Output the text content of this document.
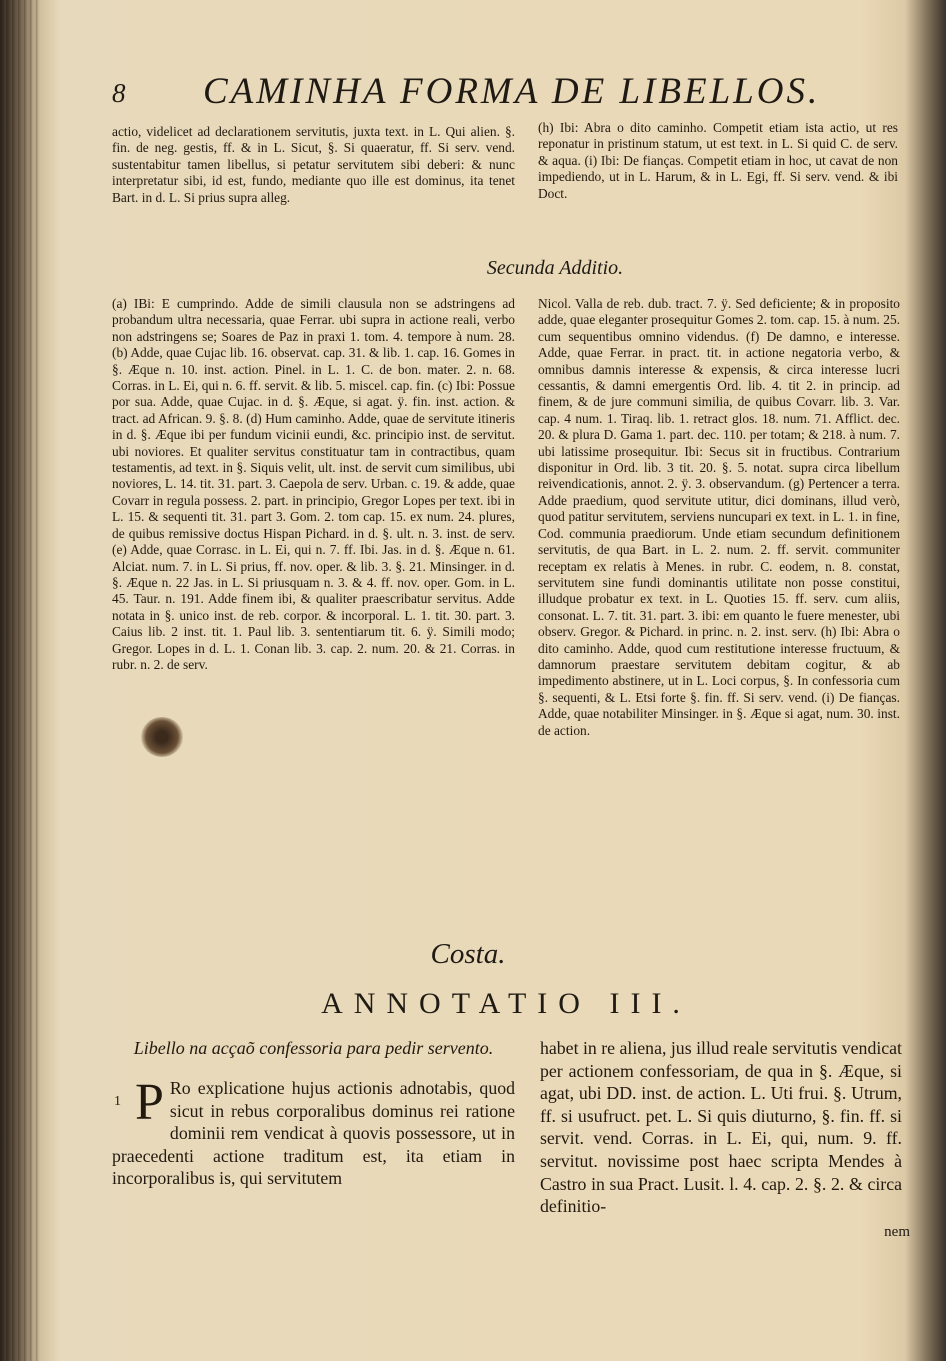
8 CAMINHA FORMA DE LIBELLOS.

actio, videlicet ad declarationem servitutis, juxta text. in L. Qui alien. §. fin. de neg. gestis, ff. & in L. Sicut, §. Si quaeratur, ff. Si serv. vend. sustentabitur tamen libellus, si petatur servitutem sibi deberi: & nunc interpretatur sibi, id est, fundo, mediante quo ille est dominus, ita tenet Bart. in d. L. Si prius supra alleg.

(h) Ibi: Abra o dito caminho. Competit etiam ista actio, ut res reponatur in pristinum statum, ut est text. in L. Si quid C. de serv. & aqua. (i) Ibi: De fianças. Competit etiam in hoc, ut cavat de non impediendo, ut in L. Harum, & in L. Egi, ff. Si serv. vend. & ibi Doct.

Secunda Additio.

(a) IBi: E cumprindo. Adde de simili clausula non se adstringens ad probandum ultra necessaria, quae Ferrar. ubi supra in actione reali, verbo non adstringens se; Soares de Paz in praxi 1. tom. 4. tempore à num. 28. (b) Adde, quae Cujac lib. 16. observat. cap. 31. & lib. 1. cap. 16. Gomes in §. Æque n. 10. inst. action. Pinel. in L. 1. C. de bon. mater. 2. n. 68. Corras. in L. Ei, qui n. 6. ff. servit. & lib. 5. miscel. cap. fin. (c) Ibi: Possue por sua. Adde, quae Cujac. in d. §. Æque, si agat. ÿ. fin. inst. action. & tract. ad African. 9. §. 8. (d) Hum caminho. Adde, quae de servitute itineris in d. §. Æque ibi per fundum vicinii eundi, &c. principio inst. de servitut. ubi noviores. Et qualiter servitus constituatur tam in contractibus, quam testamentis, ad text. in §. Siquis velit, ult. inst. de servit cum similibus, ubi noviores, L. 14. tit. 31. part. 3. Caepola de serv. Urban. c. 19. & adde, quae Covarr in regula possess. 2. part. in principio, Gregor Lopes per text. ibi in L. 15. & sequenti tit. 31. part 3. Gom. 2. tom cap. 15. ex num. 24. plures, de quibus remissive doctus Hispan Pichard. in d. §. ult. n. 3. inst. de serv. (e) Adde, quae Corrasc. in L. Ei, qui n. 7. ff. Ibi. Jas. in d. §. Æque n. 61. Alciat. num. 7. in L. Si prius, ff. nov. oper. & lib. 3. §. 21. Minsinger. in d. §. Æque n. 22 Jas. in L. Si priusquam n. 3. & 4. ff. nov. oper. Gom. in L. 45. Taur. n. 191. Adde finem ibi, & qualiter praescribatur servitus. Adde notata in §. unico inst. de reb. corpor. & incorporal. L. 1. tit. 30. part. 3. Caius lib. 2 inst. tit. 1. Paul lib. 3. sententiarum tit. 6. ÿ. Simili modo; Gregor. Lopes in d. L. 1. Conan lib. 3. cap. 2. num. 20. & 21. Corras. in rubr. n. 2. de serv.

Nicol. Valla de reb. dub. tract. 7. ÿ. Sed deficiente; & in proposito adde, quae eleganter prosequitur Gomes 2. tom. cap. 15. à num. 25. cum sequentibus omnino videndus. (f) De damno, e interesse. Adde, quae Ferrar. in pract. tit. in actione negatoria verbo, & omnibus damnis interesse & expensis, & circa interesse lucri cessantis, & damni emergentis Ord. lib. 4. tit 2. in princip. ad finem, & de jure communi similia, de quibus Covarr. lib. 3. Var. cap. 4 num. 1. Tiraq. lib. 1. retract glos. 18. num. 71. Afflict. dec. 20. & plura D. Gama 1. part. dec. 110. per totam; & 218. à num. 7. ubi latissime prosequitur. Ibi: Secus sit in fructibus. Contrarium disponitur in Ord. lib. 3 tit. 20. §. 5. notat. supra circa libellum reivendicationis, annot. 2. ÿ. 3. observandum. (g) Pertencer a terra. Adde praedium, quod servitute utitur, dici dominans, illud verò, quod patitur servitutem, serviens nuncupari ex text. in L. 1. in fine, Cod. communia praediorum. Unde etiam secundum definitionem servitutis, de qua Bart. in L. 2. num. 2. ff. servit. communiter receptam ex relatis à Menes. in rubr. C. eodem, n. 8. constat, servitutem sine fundi dominantis utilitate non posse constitui, illudque probatur ex text. in L. Quoties 15. ff. serv. cum aliis, consonat. L. 7. tit. 31. part. 3. ibi: em quanto le fuere menester, ubi observ. Gregor. & Pichard. in princ. n. 2. inst. serv. (h) Ibi: Abra o dito caminho. Adde, quod cum restitutione interesse fructuum, & damnorum praestare servitutem debitam cogitur, & ab impedimento abstinere, ut in L. Loci corpus, §. In confessoria cum §. sequenti, & L. Etsi forte §. fin. ff. Si serv. vend. (i) De fianças. Adde, quae notabiliter Minsinger. in §. Æque si agat, num. 30. inst. de action.

Costa.
ANNOTATIO III.

Libello na acçaõ confessoria para pedir servento.

1 P Ro explicatione hujus actionis adnotabis, quod sicut in rebus corporalibus dominus rei ratione dominii rem vendicat à quovis possessore, ut in praecedenti actione traditum est, ita etiam in incorporalibus is, qui servitutem

habet in re aliena, jus illud reale servitutis vendicat per actionem confessoriam, de qua in §. Æque, si agat, ubi DD. inst. de action. L. Uti frui. §. Utrum, ff. si usufruct. pet. L. Si quis diuturno, §. fin. ff. si servit. vend. Corras. in L. Ei, qui, num. 9. ff. servitut. novissime post haec scripta Mendes à Castro in sua Pract. Lusit. l. 4. cap. 2. §. 2. & circa definitio-

nem
